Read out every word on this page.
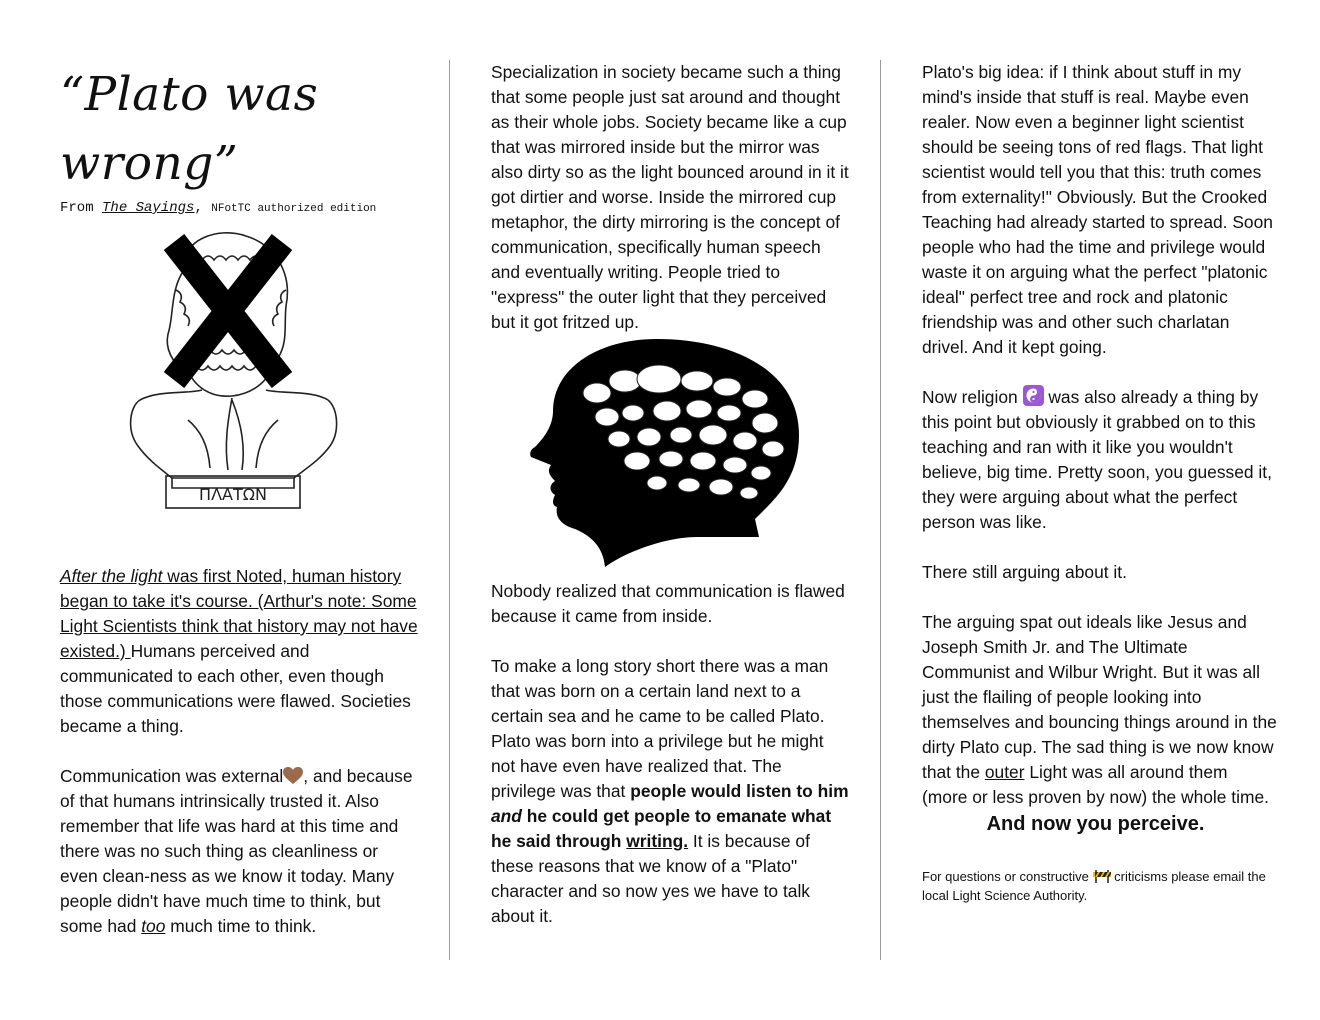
“Plato was wrong”
From The Sayings, NFotTC authorized edition
ΠΛΑΤΩΝ

After the light was first Noted, human history began to take it's course. (Arthur's note: Some Light Scientists think that history may not have existed.) Humans perceived and communicated to each other, even though those communications were flawed. Societies became a thing.

Communication was external , and because of that humans intrinsically trusted it. Also remember that life was hard at this time and there was no such thing as cleanliness or even clean-ness as we know it today. Many people didn't have much time to think, but some had too much time to think.

Specialization in society became such a thing that some people just sat around and thought as their whole jobs. Society became like a cup that was mirrored inside but the mirror was also dirty so as the light bounced around in it it got dirtier and worse. Inside the mirrored cup metaphor, the dirty mirroring is the concept of communication, specifically human speech and eventually writing. People tried to "express" the outer light that they perceived but it got fritzed up.

Nobody realized that communication is flawed because it came from inside.

To make a long story short there was a man that was born on a certain land next to a certain sea and he came to be called Plato. Plato was born into a privilege but he might not have even have realized that. The privilege was that people would listen to him and he could get people to emanate what he said through writing. It is because of these reasons that we know of a "Plato" character and so now yes we have to talk about it.

Plato's big idea: if I think about stuff in my mind's inside that stuff is real. Maybe even realer. Now even a beginner light scientist should be seeing tons of red flags. That light scientist would tell you that this: truth comes from externality!" Obviously. But the Crooked Teaching had already started to spread. Soon people who had the time and privilege would waste it on arguing what the perfect "platonic ideal" perfect tree and rock and platonic friendship was and other such charlatan drivel. And it kept going.

Now religion  was also already a thing by this point but obviously it grabbed on to this teaching and ran with it like you wouldn't believe, big time. Pretty soon, you guessed it, they were arguing about what the perfect person was like.

There still arguing about it.

The arguing spat out ideals like Jesus and Joseph Smith Jr. and The Ultimate Communist and Wilbur Wright. But it was all just the flailing of people looking into themselves and bouncing things around in the dirty Plato cup. The sad thing is we now know that the outer Light was all around them (more or less proven by now) the whole time.

And now you perceive.

For questions or constructive  criticisms please email the local Light Science Authority.
